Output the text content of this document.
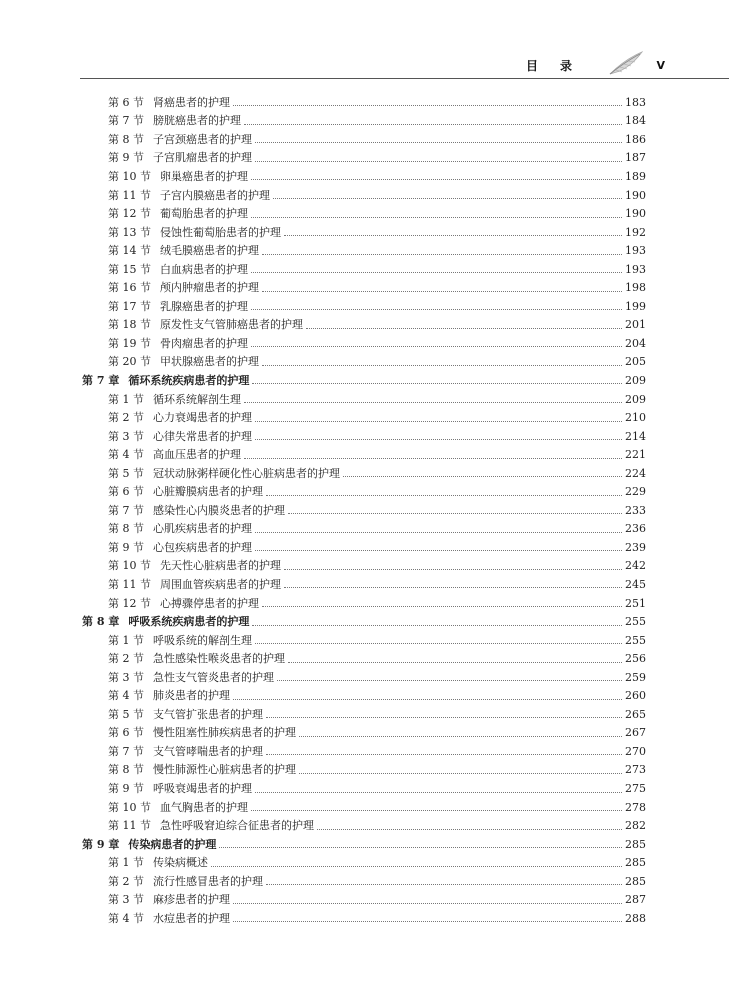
目录	V
第 6 节 肾癌患者的护理	183
第 7 节 膀胱癌患者的护理	184
第 8 节 子宫颈癌患者的护理	186
第 9 节 子宫肌瘤患者的护理	187
第 10 节 卵巢癌患者的护理	189
第 11 节 子宫内膜癌患者的护理	190
第 12 节 葡萄胎患者的护理	190
第 13 节 侵蚀性葡萄胎患者的护理	192
第 14 节 绒毛膜癌患者的护理	193
第 15 节 白血病患者的护理	193
第 16 节 颅内肿瘤患者的护理	198
第 17 节 乳腺癌患者的护理	199
第 18 节 原发性支气管肺癌患者的护理	201
第 19 节 骨肉瘤患者的护理	204
第 20 节 甲状腺癌患者的护理	205
第 7 章 循环系统疾病患者的护理	209
第 1 节 循环系统解剖生理	209
第 2 节 心力衰竭患者的护理	210
第 3 节 心律失常患者的护理	214
第 4 节 高血压患者的护理	221
第 5 节 冠状动脉粥样硬化性心脏病患者的护理	224
第 6 节 心脏瓣膜病患者的护理	229
第 7 节 感染性心内膜炎患者的护理	233
第 8 节 心肌疾病患者的护理	236
第 9 节 心包疾病患者的护理	239
第 10 节 先天性心脏病患者的护理	242
第 11 节 周围血管疾病患者的护理	245
第 12 节 心搏骤停患者的护理	251
第 8 章 呼吸系统疾病患者的护理	255
第 1 节 呼吸系统的解剖生理	255
第 2 节 急性感染性喉炎患者的护理	256
第 3 节 急性支气管炎患者的护理	259
第 4 节 肺炎患者的护理	260
第 5 节 支气管扩张患者的护理	265
第 6 节 慢性阻塞性肺疾病患者的护理	267
第 7 节 支气管哮喘患者的护理	270
第 8 节 慢性肺源性心脏病患者的护理	273
第 9 节 呼吸衰竭患者的护理	275
第 10 节 血气胸患者的护理	278
第 11 节 急性呼吸窘迫综合征患者的护理	282
第 9 章 传染病患者的护理	285
第 1 节 传染病概述	285
第 2 节 流行性感冒患者的护理	285
第 3 节 麻疹患者的护理	287
第 4 节 水痘患者的护理	288
